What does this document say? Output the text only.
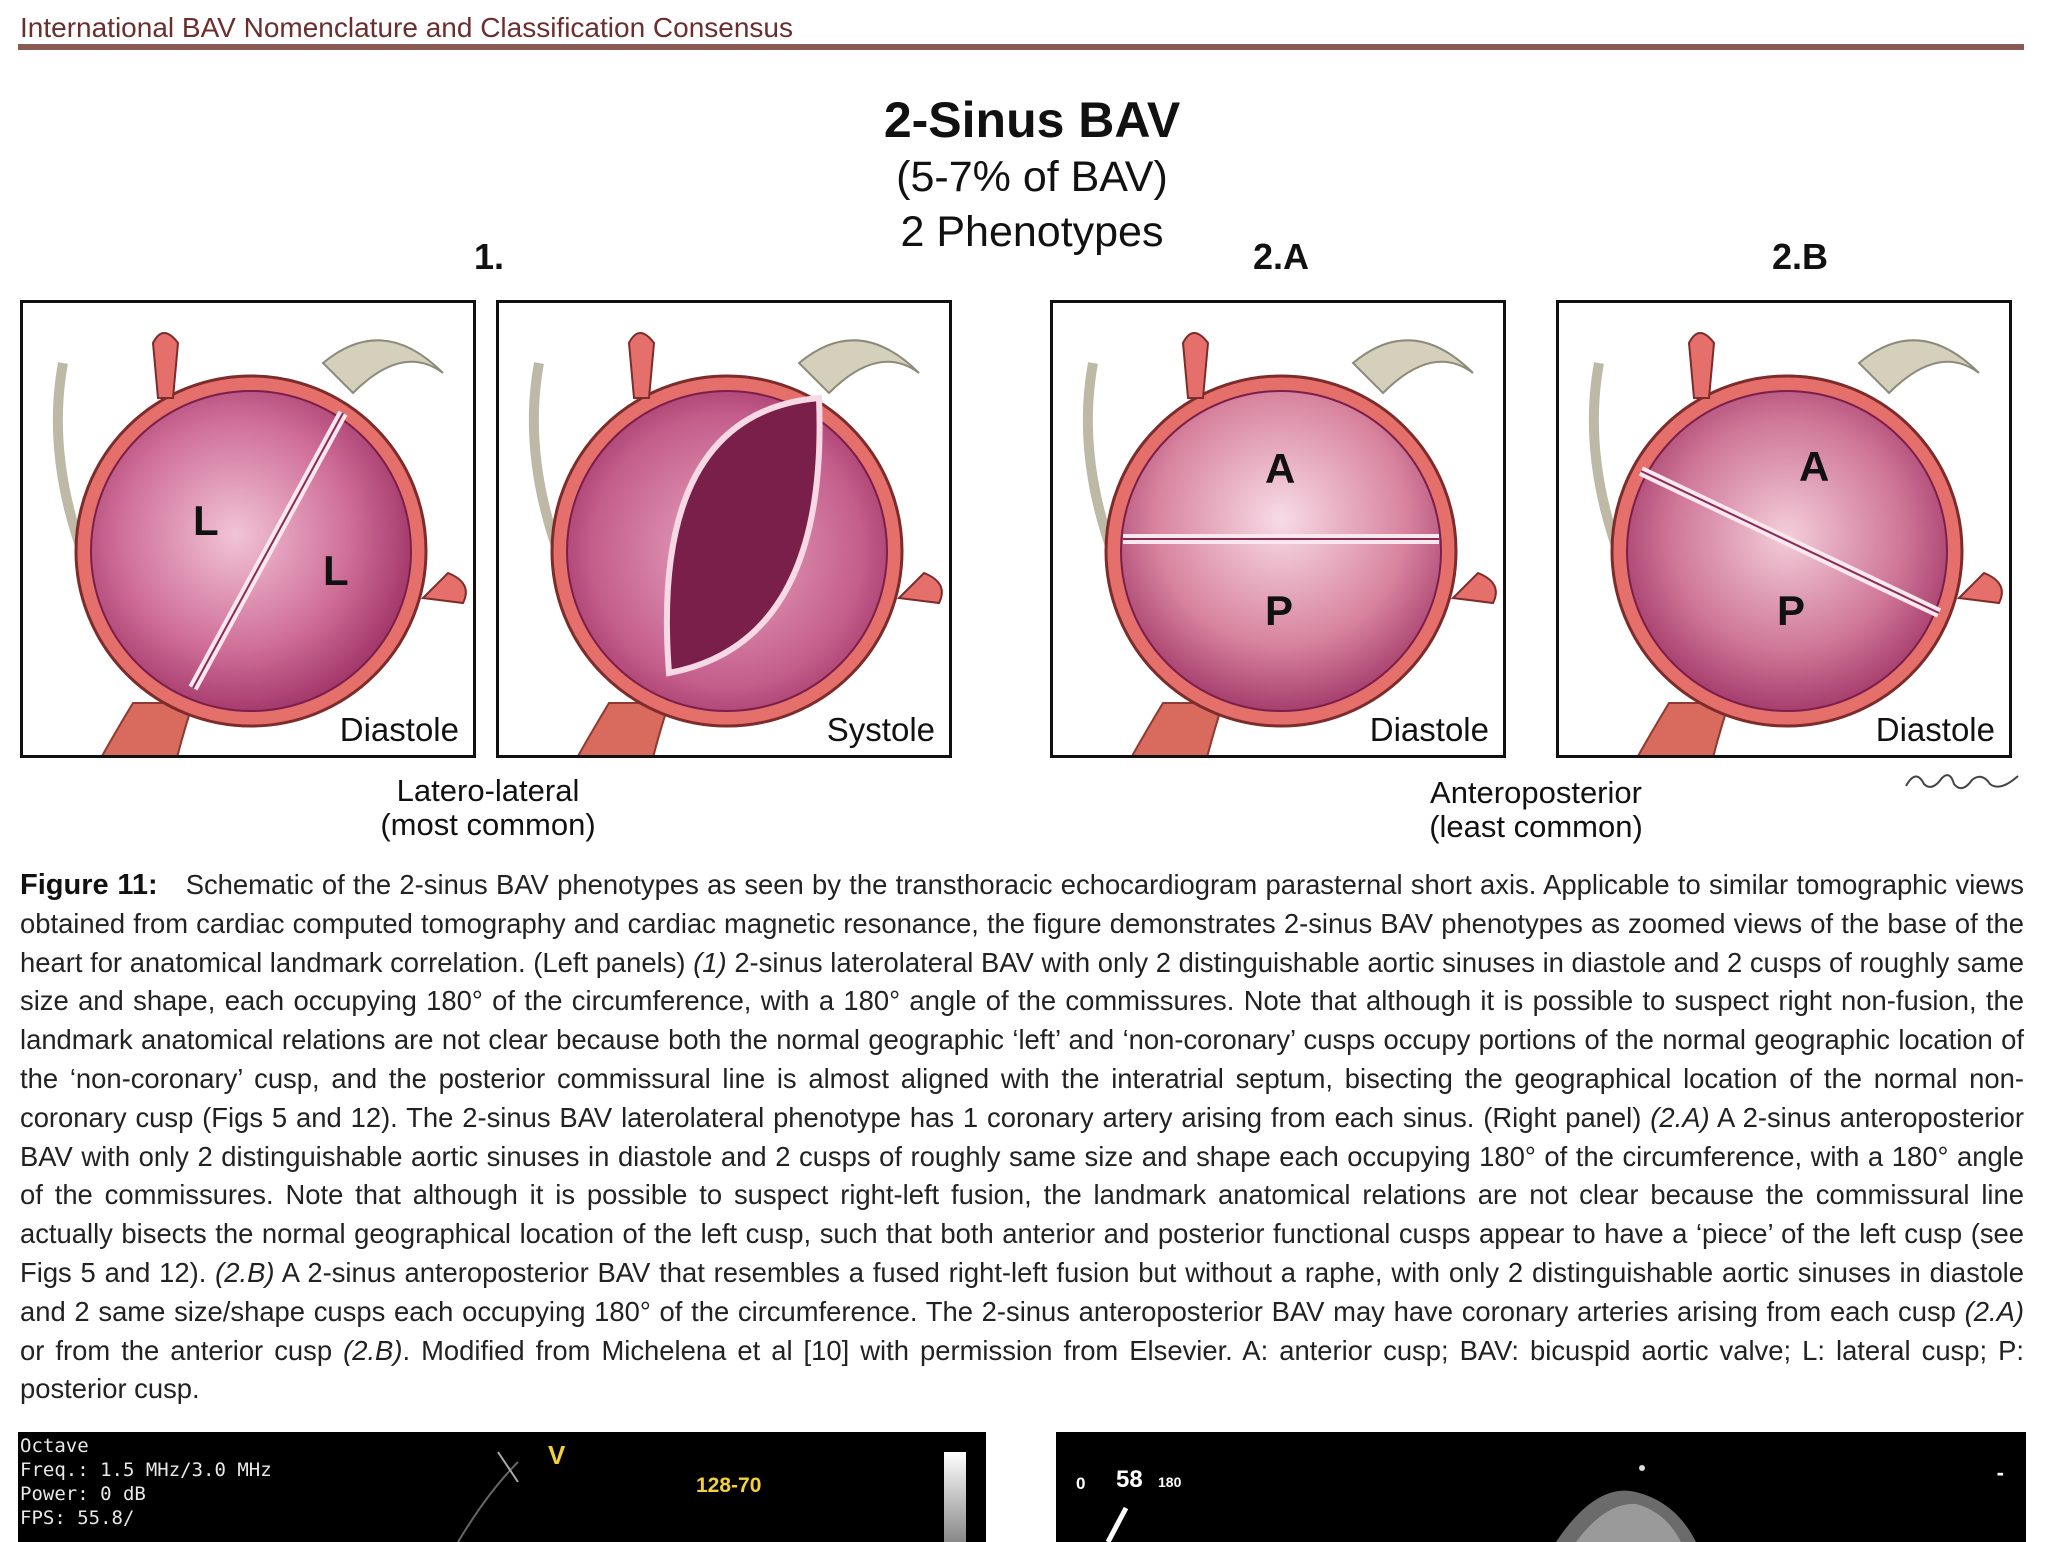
International BAV Nomenclature and Classification Consensus
2-Sinus BAV
(5-7% of BAV)
2 Phenotypes
1.	2.A	2.B
L
L
Diastole	Systole
A
P
Diastole
A
P
Diastole
Latero-lateral
(most common)
Anteroposterior
(least common)
Figure 11: Schematic of the 2-sinus BAV phenotypes as seen by the transthoracic echocardiogram parasternal short axis. Applicable to similar tomographic views obtained from cardiac computed tomography and cardiac magnetic resonance, the figure demonstrates 2-sinus BAV phenotypes as zoomed views of the base of the heart for anatomical landmark correlation. (Left panels) (1) 2-sinus laterolateral BAV with only 2 distinguishable aortic sinuses in diastole and 2 cusps of roughly same size and shape, each occupying 180° of the circumference, with a 180° angle of the commissures. Note that although it is possible to suspect right non-fusion, the landmark anatomical relations are not clear because both the normal geographic ‘left’ and ‘non-coronary’ cusps occupy portions of the normal geographic location of the ‘non-coronary’ cusp, and the posterior commissural line is almost aligned with the interatrial septum, bisecting the geographical location of the normal non-coronary cusp (Figs 5 and 12). The 2-sinus BAV laterolateral phenotype has 1 coronary artery arising from each sinus. (Right panel) (2.A) A 2-sinus anteroposterior BAV with only 2 distinguishable aortic sinuses in diastole and 2 cusps of roughly same size and shape each occupying 180° of the circumference, with a 180° angle of the commissures. Note that although it is possible to suspect right-left fusion, the landmark anatomical relations are not clear because the commissural line actually bisects the normal geographical location of the left cusp, such that both anterior and posterior functional cusps appear to have a ‘piece’ of the left cusp (see Figs 5 and 12). (2.B) A 2-sinus anteroposterior BAV that resembles a fused right-left fusion but without a raphe, with only 2 distinguishable aortic sinuses in diastole and 2 same size/shape cusps each occupying 180° of the circumference. The 2-sinus anteroposterior BAV may have coronary arteries arising from each cusp (2.A) or from the anterior cusp (2.B). Modified from Michelena et al [10] with permission from Elsevier. A: anterior cusp; BAV: bicuspid aortic valve; L: lateral cusp; P: posterior cusp.
Octave
Freq.: 1.5 MHz/3.0 MHz
Power: 0 dB
FPS: 55.8/
V
128-70	0 58 180	-
